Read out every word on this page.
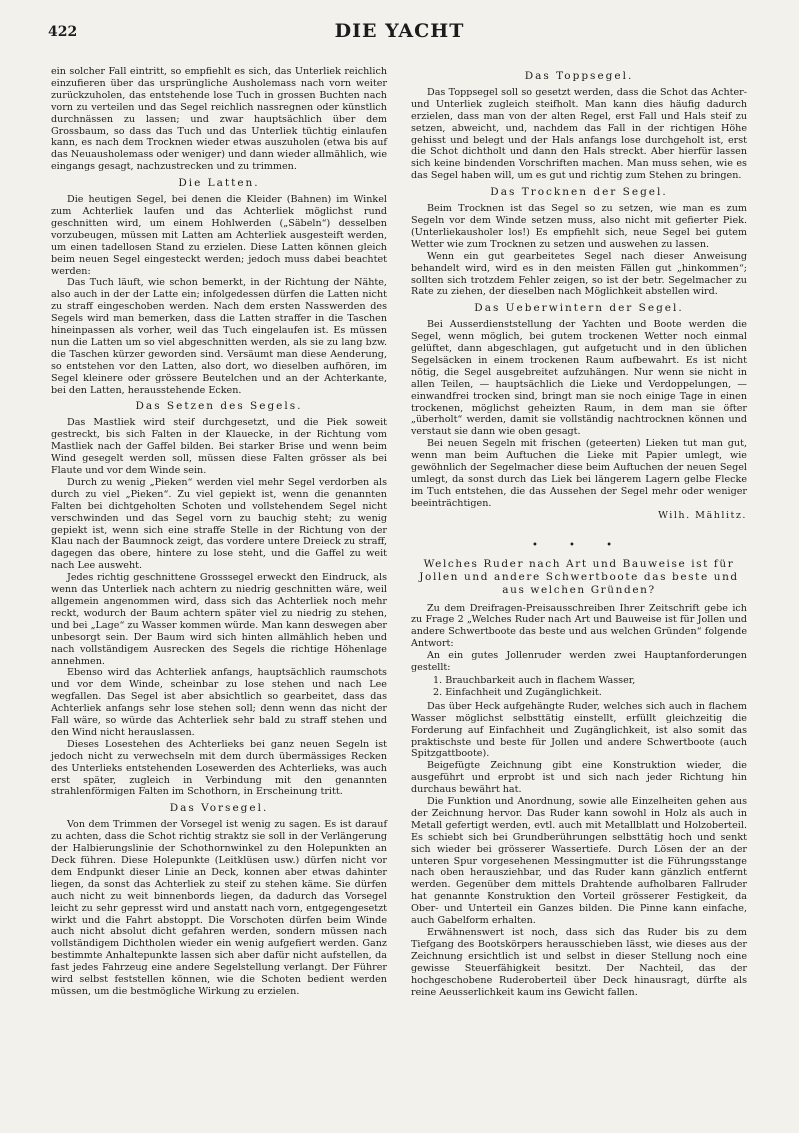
422	DIE YACHT

ein solcher Fall eintritt, so empfiehlt es sich, das Unterliek reichlich einzufieren über das ursprüngliche Ausholemass nach vorn weiter zurückzuholen, das entstehende lose Tuch in grossen Buchten nach vorn zu verteilen und das Segel reichlich nassregnen oder künstlich durchnässen zu lassen; und zwar hauptsächlich über dem Grossbaum, so dass das Tuch und das Unterliek tüchtig einlaufen kann, es nach dem Trocknen wieder etwas auszuholen (etwa bis auf das Neuausholemass oder weniger) und dann wieder allmählich, wie eingangs gesagt, nachzustrecken und zu trimmen.

Die Latten.

Die heutigen Segel, bei denen die Kleider (Bahnen) im Winkel zum Achterliek laufen und das Achterliek möglichst rund geschnitten wird, um einem Hohlwerden („Säbeln“) desselben vorzubeugen, müssen mit Latten am Achterliek ausgesteift werden, um einen tadellosen Stand zu erzielen. Diese Latten können gleich beim neuen Segel eingesteckt werden; jedoch muss dabei beachtet werden:

Das Tuch läuft, wie schon bemerkt, in der Richtung der Nähte, also auch in der der Latte ein; infolgedessen dürfen die Latten nicht zu straff eingeschoben werden. Nach dem ersten Nasswerden des Segels wird man bemerken, dass die Latten straffer in die Taschen hineinpassen als vorher, weil das Tuch eingelaufen ist. Es müssen nun die Latten um so viel abgeschnitten werden, als sie zu lang bzw. die Taschen kürzer geworden sind. Versäumt man diese Aenderung, so entstehen vor den Latten, also dort, wo dieselben aufhören, im Segel kleinere oder grössere Beutelchen und an der Achterkante, bei den Latten, herausstehende Ecken.

Das Setzen des Segels.

Das Mastliek wird steif durchgesetzt, und die Piek soweit gestreckt, bis sich Falten in der Klauecke, in der Richtung vom Mastliek nach der Gaffel bilden. Bei starker Brise und wenn beim Wind gesegelt werden soll, müssen diese Falten grösser als bei Flaute und vor dem Winde sein.

Durch zu wenig „Pieken“ werden viel mehr Segel verdorben als durch zu viel „Pieken“. Zu viel gepiekt ist, wenn die genannten Falten bei dichtgeholten Schoten und vollstehendem Segel nicht verschwinden und das Segel vorn zu bauchig steht; zu wenig gepiekt ist, wenn sich eine straffe Stelle in der Richtung von der Klau nach der Baumnock zeigt, das vordere untere Dreieck zu straff, dagegen das obere, hintere zu lose steht, und die Gaffel zu weit nach Lee ausweht.

Jedes richtig geschnittene Grosssegel erweckt den Eindruck, als wenn das Unterliek nach achtern zu niedrig geschnitten wäre, weil allgemein angenommen wird, dass sich das Achterliek noch mehr reckt, wodurch der Baum achtern später viel zu niedrig zu stehen, und bei „Lage“ zu Wasser kommen würde. Man kann deswegen aber unbesorgt sein. Der Baum wird sich hinten allmählich heben und nach vollständigem Ausrecken des Segels die richtige Höhenlage annehmen.

Ebenso wird das Achterliek anfangs, hauptsächlich raumschots und vor dem Winde, scheinbar zu lose stehen und nach Lee wegfallen. Das Segel ist aber absichtlich so gearbeitet, dass das Achterliek anfangs sehr lose stehen soll; denn wenn das nicht der Fall wäre, so würde das Achterliek sehr bald zu straff stehen und den Wind nicht herauslassen.

Dieses Losestehen des Achterlieks bei ganz neuen Segeln ist jedoch nicht zu verwechseln mit dem durch übermässiges Recken des Unterlieks entstehenden Losewerden des Achterlieks, was auch erst später, zugleich in Verbindung mit den genannten strahlenförmigen Falten im Schothorn, in Erscheinung tritt.

Das Vorsegel.

Von dem Trimmen der Vorsegel ist wenig zu sagen. Es ist darauf zu achten, dass die Schot richtig straktz sie soll in der Verlängerung der Halbierungslinie der Schothornwinkel zu den Holepunkten an Deck führen. Diese Holepunkte (Leitklüsen usw.) dürfen nicht vor dem Endpunkt dieser Linie an Deck, konnen aber etwas dahinter liegen, da sonst das Achterliek zu steif zu stehen käme. Sie dürfen auch nicht zu weit binnenbords liegen, da dadurch das Vorsegel leicht zu sehr gepresst wird und anstatt nach vorn, entgegengesetzt wirkt und die Fahrt abstoppt. Die Vorschoten dürfen beim Winde auch nicht absolut dicht gefahren werden, sondern müssen nach vollständigem Dichtholen wieder ein wenig aufgefiert werden. Ganz bestimmte Anhaltepunkte lassen sich aber dafür nicht aufstellen, da fast jedes Fahrzeug eine andere Segelstellung verlangt. Der Führer wird selbst feststellen können, wie die Schoten bedient werden müssen, um die bestmögliche Wirkung zu erzielen.

Das Toppsegel.

Das Toppsegel soll so gesetzt werden, dass die Schot das Achter- und Unterliek zugleich steifholt. Man kann dies häufig dadurch erzielen, dass man von der alten Regel, erst Fall und Hals steif zu setzen, abweicht, und, nachdem das Fall in der richtigen Höhe gehisst und belegt und der Hals anfangs lose durchgeholt ist, erst die Schot dichtholt und dann den Hals streckt. Aber hierfür lassen sich keine bindenden Vorschriften machen. Man muss sehen, wie es das Segel haben will, um es gut und richtig zum Stehen zu bringen.

Das Trocknen der Segel.

Beim Trocknen ist das Segel so zu setzen, wie man es zum Segeln vor dem Winde setzen muss, also nicht mit gefierter Piek. (Unterliekausholer los!) Es empfiehlt sich, neue Segel bei gutem Wetter wie zum Trocknen zu setzen und auswehen zu lassen.

Wenn ein gut gearbeitetes Segel nach dieser Anweisung behandelt wird, wird es in den meisten Fällen gut „hinkommen“; sollten sich trotzdem Fehler zeigen, so ist der betr. Segelmacher zu Rate zu ziehen, der dieselben nach Möglichkeit abstellen wird.

Das Ueberwintern der Segel.

Bei Ausserdienststellung der Yachten und Boote werden die Segel, wenn möglich, bei gutem trockenen Wetter noch einmal gelüftet, dann abgeschlagen, gut aufgetucht und in den üblichen Segelsäcken in einem trockenen Raum aufbewahrt. Es ist nicht nötig, die Segel ausgebreitet aufzuhängen. Nur wenn sie nicht in allen Teilen, — hauptsächlich die Lieke und Verdoppelungen, — einwandfrei trocken sind, bringt man sie noch einige Tage in einen trockenen, möglichst geheizten Raum, in dem man sie öfter „überholt“ werden, damit sie vollständig nachtrocknen können und verstaut sie dann wie oben gesagt.

Bei neuen Segeln mit frischen (geteerten) Lieken tut man gut, wenn man beim Auftuchen die Lieke mit Papier umlegt, wie gewöhnlich der Segelmacher diese beim Auftuchen der neuen Segel umlegt, da sonst durch das Liek bei längerem Lagern gelbe Flecke im Tuch entstehen, die das Aussehen der Segel mehr oder weniger beeinträchtigen.

Wilh. Mählitz.

• • •
Welches Ruder nach Art und Bauweise ist für Jollen und andere Schwertboote das beste und aus welchen Gründen?

Zu dem Dreifragen-Preisausschreiben Ihrer Zeitschrift gebe ich zu Frage 2 „Welches Ruder nach Art und Bauweise ist für Jollen und andere Schwertboote das beste und aus welchen Gründen“ folgende Antwort:

An ein gutes Jollenruder werden zwei Hauptanforderungen gestellt:

1. Brauchbarkeit auch in flachem Wasser,

2. Einfachheit und Zugänglichkeit.

Das über Heck aufgehängte Ruder, welches sich auch in flachem Wasser möglichst selbsttätig einstellt, erfüllt gleichzeitig die Forderung auf Einfachheit und Zugänglichkeit, ist also somit das praktischste und beste für Jollen und andere Schwertboote (auch Spitzgattboote).

Beigefügte Zeichnung gibt eine Konstruktion wieder, die ausgeführt und erprobt ist und sich nach jeder Richtung hin durchaus bewährt hat.

Die Funktion und Anordnung, sowie alle Einzelheiten gehen aus der Zeichnung hervor. Das Ruder kann sowohl in Holz als auch in Metall gefertigt werden, evtl. auch mit Metallblatt und Holzoberteil. Es schiebt sich bei Grundberührungen selbsttätig hoch und senkt sich wieder bei grösserer Wassertiefe. Durch Lösen der an der unteren Spur vorgesehenen Messingmutter ist die Führungsstange nach oben herausziehbar, und das Ruder kann gänzlich entfernt werden. Gegenüber dem mittels Drahtende aufholbaren Fallruder hat genannte Konstruktion den Vorteil grösserer Festigkeit, da Ober- und Unterteil ein Ganzes bilden. Die Pinne kann einfache, auch Gabelform erhalten.

Erwähnenswert ist noch, dass sich das Ruder bis zu dem Tiefgang des Bootskörpers herausschieben lässt, wie dieses aus der Zeichnung ersichtlich ist und selbst in dieser Stellung noch eine gewisse Steuerfähigkeit besitzt. Der Nachteil, das der hochgeschobene Ruderoberteil über Deck hinausragt, dürfte als reine Aeusserlichkeit kaum ins Gewicht fallen.
